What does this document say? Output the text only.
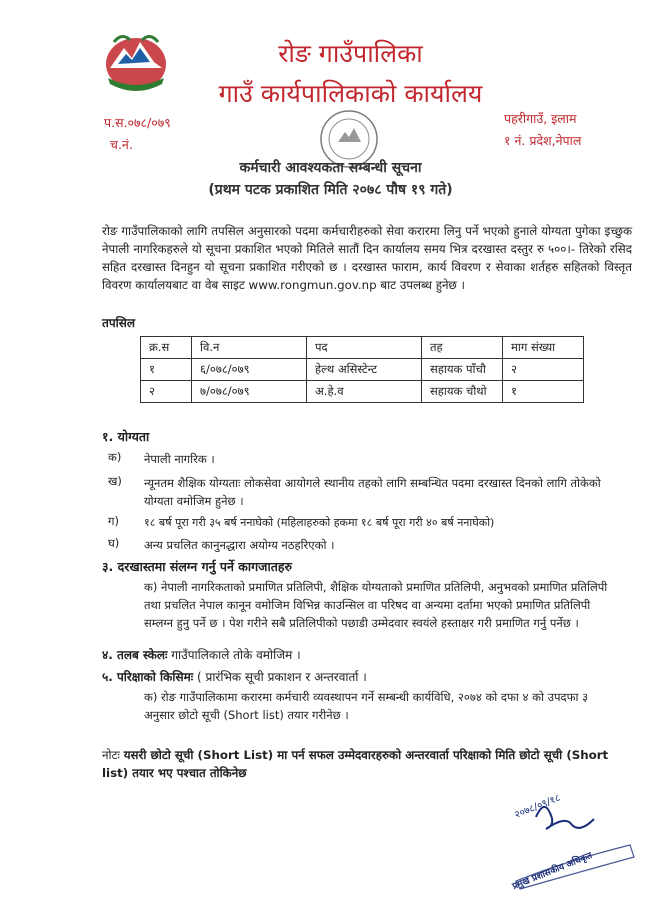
रोङ गाउँपालिका
गाउँ कार्यपालिकाको कार्यालय
प.स.०७८/०७९
च.नं.
पहरीगाउँ, इलाम
१ नं. प्रदेश,नेपाल
कर्मचारी आवश्यकता सम्बन्धी सूचना
(प्रथम पटक प्रकाशित मिति २०७८ पौष १९ गते)
रोङ गाउँपालिकाको लागि तपसिल अनुसारको पदमा कर्मचारीहरुको सेवा करारमा लिनु पर्ने भएको हुनाले योग्यता पुगेका इच्छुक नेपाली नागरिकहरुले यो सूचना प्रकाशित भएको मितिले सातौं दिन कार्यालय समय भित्र दरखास्त दस्तुर रु ५००।- तिरेको रसिद सहित दरखास्त दिनहुन यो सूचना प्रकाशित गरीएको छ । दरखास्त फाराम, कार्य विवरण र सेवाका शर्तहरु सहितको विस्तृत विवरण कार्यालयबाट वा वेब साइट www.rongmun.gov.np बाट उपलब्ध हुनेछ ।
तपसिल
क्र.स	वि.न	पद	तह	माग संख्या
१	६/०७८/०७९	हेल्थ असिस्टेन्ट	सहायक पाँचौ	२
२	७/०७८/०७९	अ.हे.व	सहायक चौथो	१
१. योग्यता
क) नेपाली नागरिक ।
ख) न्यूनतम शैक्षिक योग्यताः लोकसेवा आयोगले स्थानीय तहको लागि सम्बन्धित पदमा दरखास्त दिनको लागि तोकेको योग्यता वमोजिम हुनेछ ।
ग) १८ बर्ष पूरा गरी ३५ बर्ष ननाघेको (महिलाहरुको हकमा १८ बर्ष पूरा गरी ४० बर्ष ननाघेको)
घ) अन्य प्रचलित कानुनद्धारा अयोग्य नठहरिएको ।
३. दरखास्तमा संलग्न गर्नु पर्ने कागजातहरु
क) नेपाली नागरिकताको प्रमाणित प्रतिलिपी, शैक्षिक योग्यताको प्रमाणित प्रतिलिपी, अनुभवको प्रमाणित प्रतिलिपी तथा प्रचलित नेपाल कानून वमोजिम विभिन्न काउन्सिल वा परिषद वा अन्यमा दर्तामा भएको प्रमाणित प्रतिलिपी सम्लग्न हुनु पर्ने छ । पेश गरीने सबै प्रतिलिपीको पछाडी उम्मेदवार स्वयंले हस्ताक्षर गरी प्रमाणित गर्नु पर्नेछ ।
४. तलब स्केलः गाउँपालिकाले तोके वमोजिम ।
५. परिक्षाको किसिमः ( प्रारंभिक सूची प्रकाशन र अन्तरवार्ता ।
क) रोङ गाउँपालिकामा करारमा कर्मचारी व्यवस्थापन गर्ने सम्बन्धी कार्यविधि, २०७४ को दफा ४ को उपदफा ३ अनुसार छोटो सूची (Short list) तयार गरीनेछ ।
नोटः यसरी छोटो सूची (Short List) मा पर्न सफल उम्मेदवारहरुको अन्तरवार्ता परिक्षाको मिति छोटो सूची (Short list) तयार भए पश्चात तोकिनेछ
२०७८/०९/१८
प्रमुख प्रशासकीय अधिकृत
